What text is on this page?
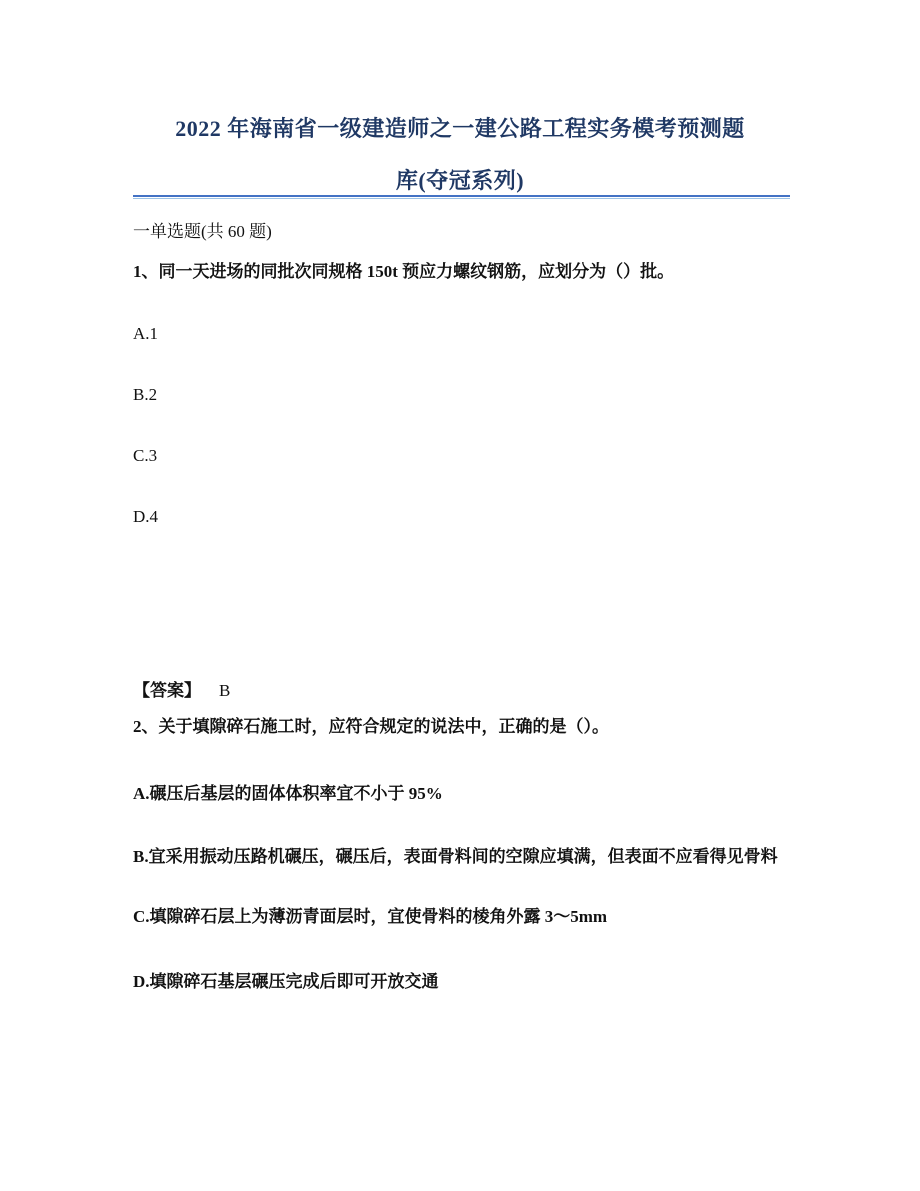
2022 年海南省一级建造师之一建公路工程实务模考预测题
库(夺冠系列)
一单选题(共 60 题)
1、同一天进场的同批次同规格 150t 预应力螺纹钢筋，应划分为（）批。
A.1
B.2
C.3
D.4
【答案】 B
2、关于填隙碎石施工时，应符合规定的说法中，正确的是（）。
A.碾压后基层的固体体积率宜不小于 95%
B.宜采用振动压路机碾压，碾压后，表面骨料间的空隙应填满，但表面不应看得见骨料
C.填隙碎石层上为薄沥青面层时，宜使骨料的棱角外露 3～5mm
D.填隙碎石基层碾压完成后即可开放交通
